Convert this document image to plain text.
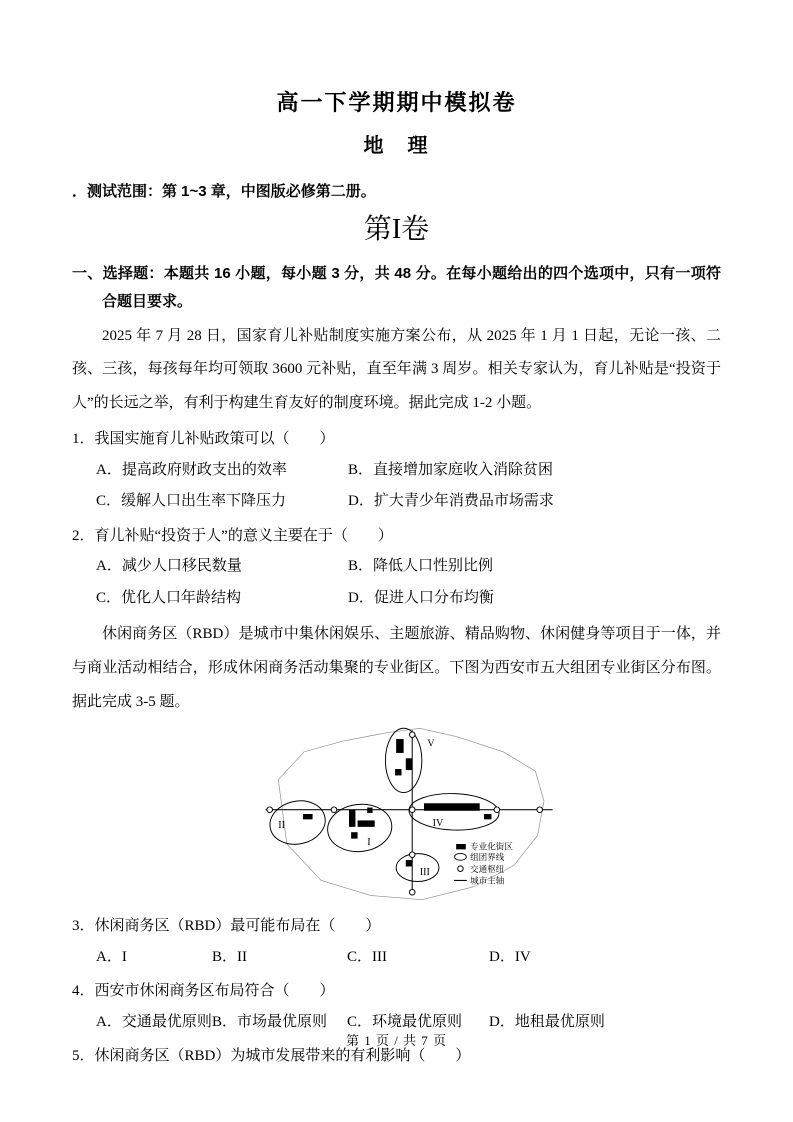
高一下学期期中模拟卷
地　理

．测试范围：第 1~3 章，中图版必修第二册。

第I卷

一、选择题：本题共 16 小题，每小题 3 分，共 48 分。在每小题给出的四个选项中，只有一项符合题目要求。

2025 年 7 月 28 日，国家育儿补贴制度实施方案公布，从 2025 年 1 月 1 日起，无论一孩、二孩、三孩，每孩每年均可领取 3600 元补贴，直至年满 3 周岁。相关专家认为，育儿补贴是“投资于人”的长远之举，有利于构建生育友好的制度环境。据此完成 1-2 小题。

1．我国实施育儿补贴政策可以（　　）

A．提高政府财政支出的效率	B．直接增加家庭收入消除贫困
C．缓解人口出生率下降压力	D．扩大青少年消费品市场需求

2．育儿补贴“投资于人”的意义主要在于（　　）

A．减少人口移民数量	B．降低人口性别比例
C．优化人口年龄结构	D．促进人口分布均衡

休闲商务区（RBD）是城市中集休闲娱乐、主题旅游、精品购物、休闲健身等项目于一体，并与商业活动相结合，形成休闲商务活动集聚的专业街区。下图为西安市五大组团专业街区分布图。据此完成 3-5 题。

V
II
I
IV
III
专业化街区
组团界线
交通枢纽
城市主轴

3．休闲商务区（RBD）最可能布局在（　　）

A．I	B．II	C．III	D．IV

4．西安市休闲商务区布局符合（　　）

A．交通最优原则 B．市场最优原则	C．环境最优原则	D．地租最优原则

5．休闲商务区（RBD）为城市发展带来的有利影响（　　）

第 1 页 / 共 7 页
